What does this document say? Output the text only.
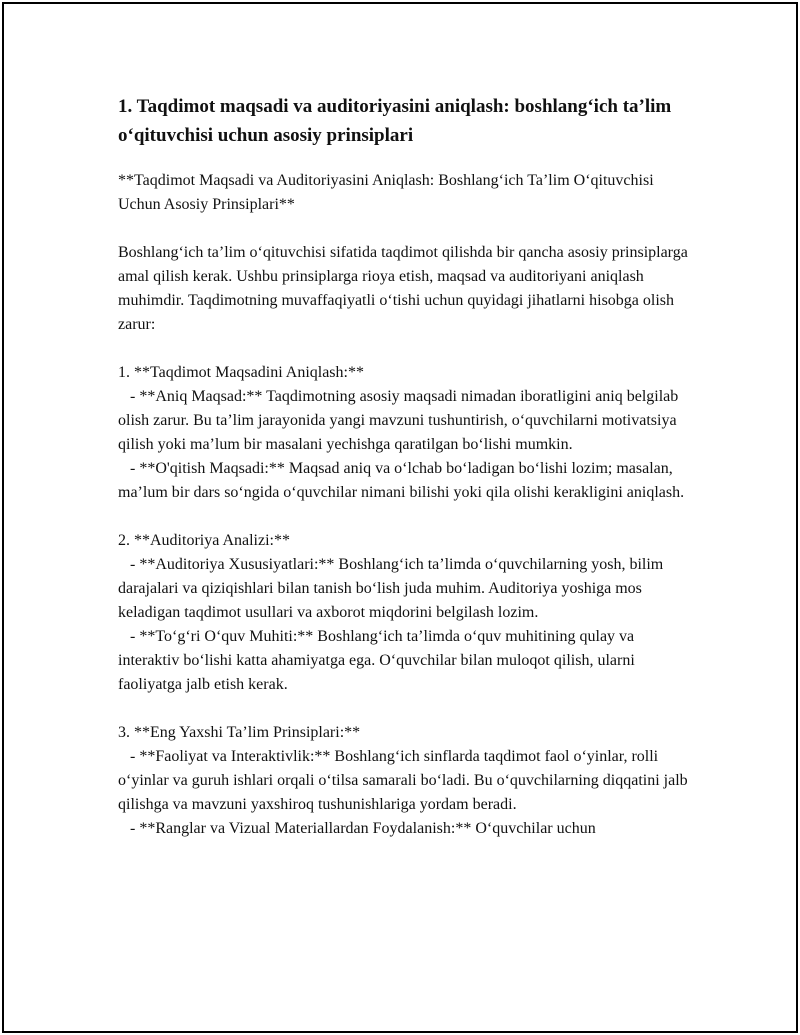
1. Taqdimot maqsadi va auditoriyasini aniqlash: boshlang‘ich ta’lim o‘qituvchisi uchun asosiy prinsiplari

**Taqdimot Maqsadi va Auditoriyasini Aniqlash: Boshlang‘ich Ta’lim O‘qituvchisi Uchun Asosiy Prinsiplari**

Boshlang‘ich ta’lim o‘qituvchisi sifatida taqdimot qilishda bir qancha asosiy prinsiplarga amal qilish kerak. Ushbu prinsiplarga rioya etish, maqsad va auditoriyani aniqlash muhimdir. Taqdimotning muvaffaqiyatli o‘tishi uchun quyidagi jihatlarni hisobga olish zarur:

1. **Taqdimot Maqsadini Aniqlash:**

- **Aniq Maqsad:** Taqdimotning asosiy maqsadi nimadan iboratligini aniq belgilab olish zarur. Bu ta’lim jarayonida yangi mavzuni tushuntirish, o‘quvchilarni motivatsiya qilish yoki ma’lum bir masalani yechishga qaratilgan bo‘lishi mumkin.

- **O'qitish Maqsadi:** Maqsad aniq va o‘lchab bo‘ladigan bo‘lishi lozim; masalan, ma’lum bir dars so‘ngida o‘quvchilar nimani bilishi yoki qila olishi kerakligini aniqlash.

2. **Auditoriya Analizi:**

- **Auditoriya Xususiyatlari:** Boshlang‘ich ta’limda o‘quvchilarning yosh, bilim darajalari va qiziqishlari bilan tanish bo‘lish juda muhim. Auditoriya yoshiga mos keladigan taqdimot usullari va axborot miqdorini belgilash lozim.

- **To‘g‘ri O‘quv Muhiti:** Boshlang‘ich ta’limda o‘quv muhitining qulay va interaktiv bo‘lishi katta ahamiyatga ega. O‘quvchilar bilan muloqot qilish, ularni faoliyatga jalb etish kerak.

3. **Eng Yaxshi Ta’lim Prinsiplari:**

- **Faoliyat va Interaktivlik:** Boshlang‘ich sinflarda taqdimot faol o‘yinlar, rolli o‘yinlar va guruh ishlari orqali o‘tilsa samarali bo‘ladi. Bu o‘quvchilarning diqqatini jalb qilishga va mavzuni yaxshiroq tushunishlariga yordam beradi.

- **Ranglar va Vizual Materiallardan Foydalanish:** O‘quvchilar uchun
